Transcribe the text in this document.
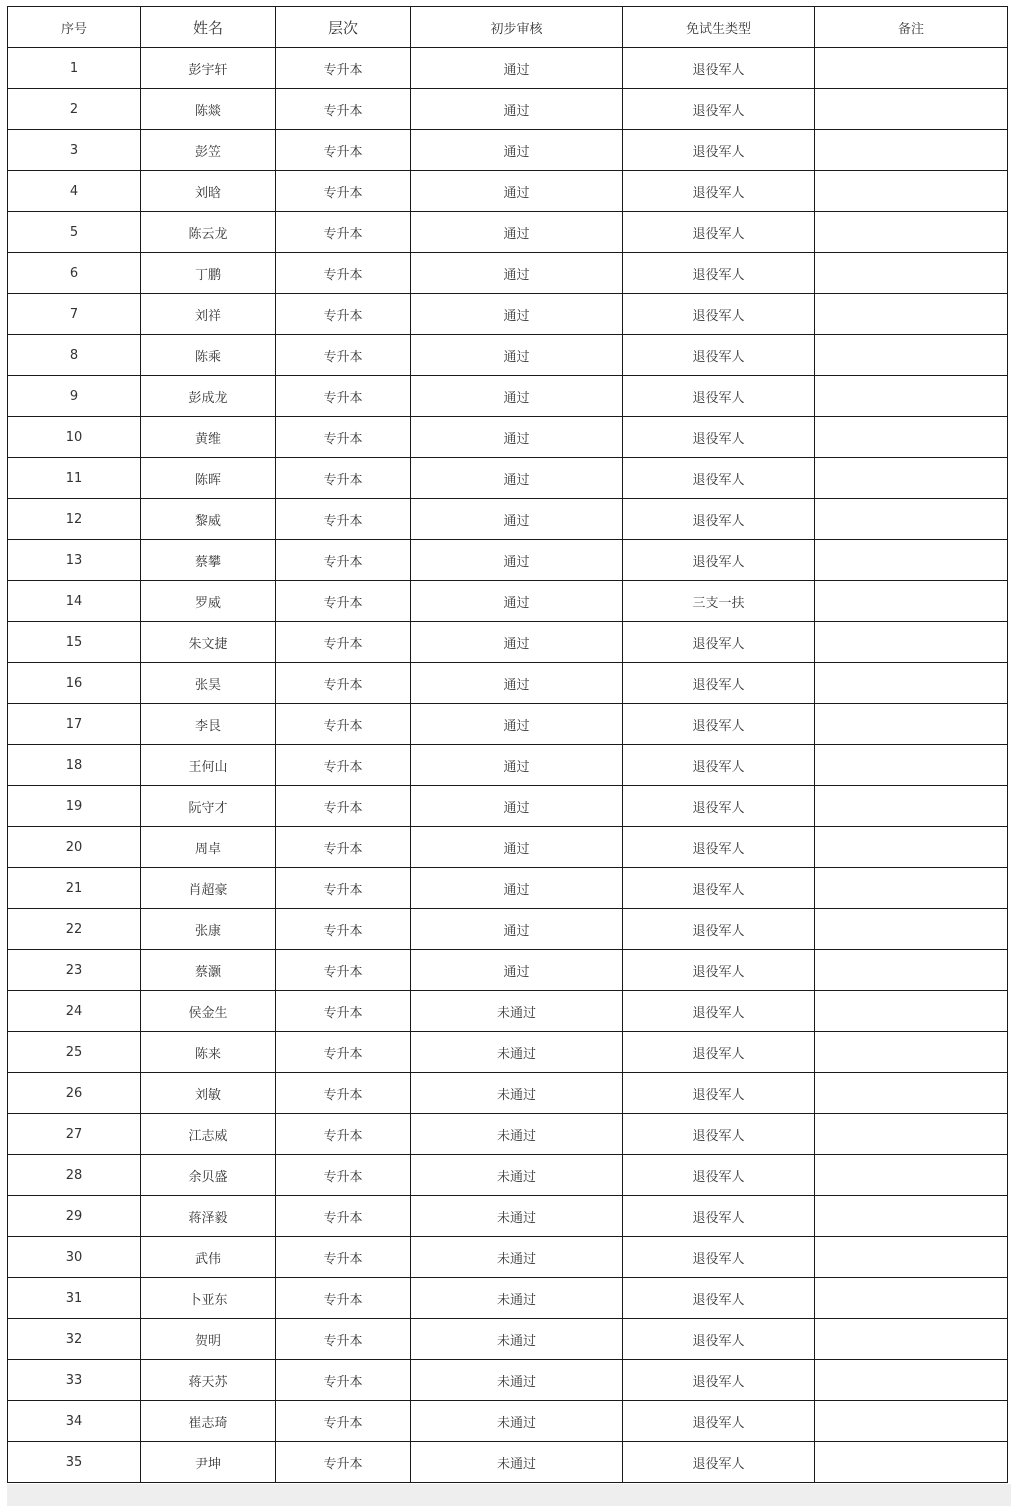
序号	姓名	层次	初步审核	免试生类型	备注
1	彭宇轩	专升本	通过	退役军人	
2	陈燚	专升本	通过	退役军人	
3	彭笠	专升本	通过	退役军人	
4	刘晗	专升本	通过	退役军人	
5	陈云龙	专升本	通过	退役军人	
6	丁鹏	专升本	通过	退役军人	
7	刘祥	专升本	通过	退役军人	
8	陈乘	专升本	通过	退役军人	
9	彭成龙	专升本	通过	退役军人	
10	黄维	专升本	通过	退役军人	
11	陈晖	专升本	通过	退役军人	
12	黎威	专升本	通过	退役军人	
13	蔡攀	专升本	通过	退役军人	
14	罗威	专升本	通过	三支一扶	
15	朱文捷	专升本	通过	退役军人	
16	张昊	专升本	通过	退役军人	
17	李艮	专升本	通过	退役军人	
18	王何山	专升本	通过	退役军人	
19	阮守才	专升本	通过	退役军人	
20	周卓	专升本	通过	退役军人	
21	肖超豪	专升本	通过	退役军人	
22	张康	专升本	通过	退役军人	
23	蔡灏	专升本	通过	退役军人	
24	侯金生	专升本	未通过	退役军人	
25	陈来	专升本	未通过	退役军人	
26	刘敏	专升本	未通过	退役军人	
27	江志威	专升本	未通过	退役军人	
28	余贝盛	专升本	未通过	退役军人	
29	蒋泽毅	专升本	未通过	退役军人	
30	武伟	专升本	未通过	退役军人	
31	卜亚东	专升本	未通过	退役军人	
32	贺明	专升本	未通过	退役军人	
33	蒋天苏	专升本	未通过	退役军人	
34	崔志琦	专升本	未通过	退役军人	
35	尹坤	专升本	未通过	退役军人	
